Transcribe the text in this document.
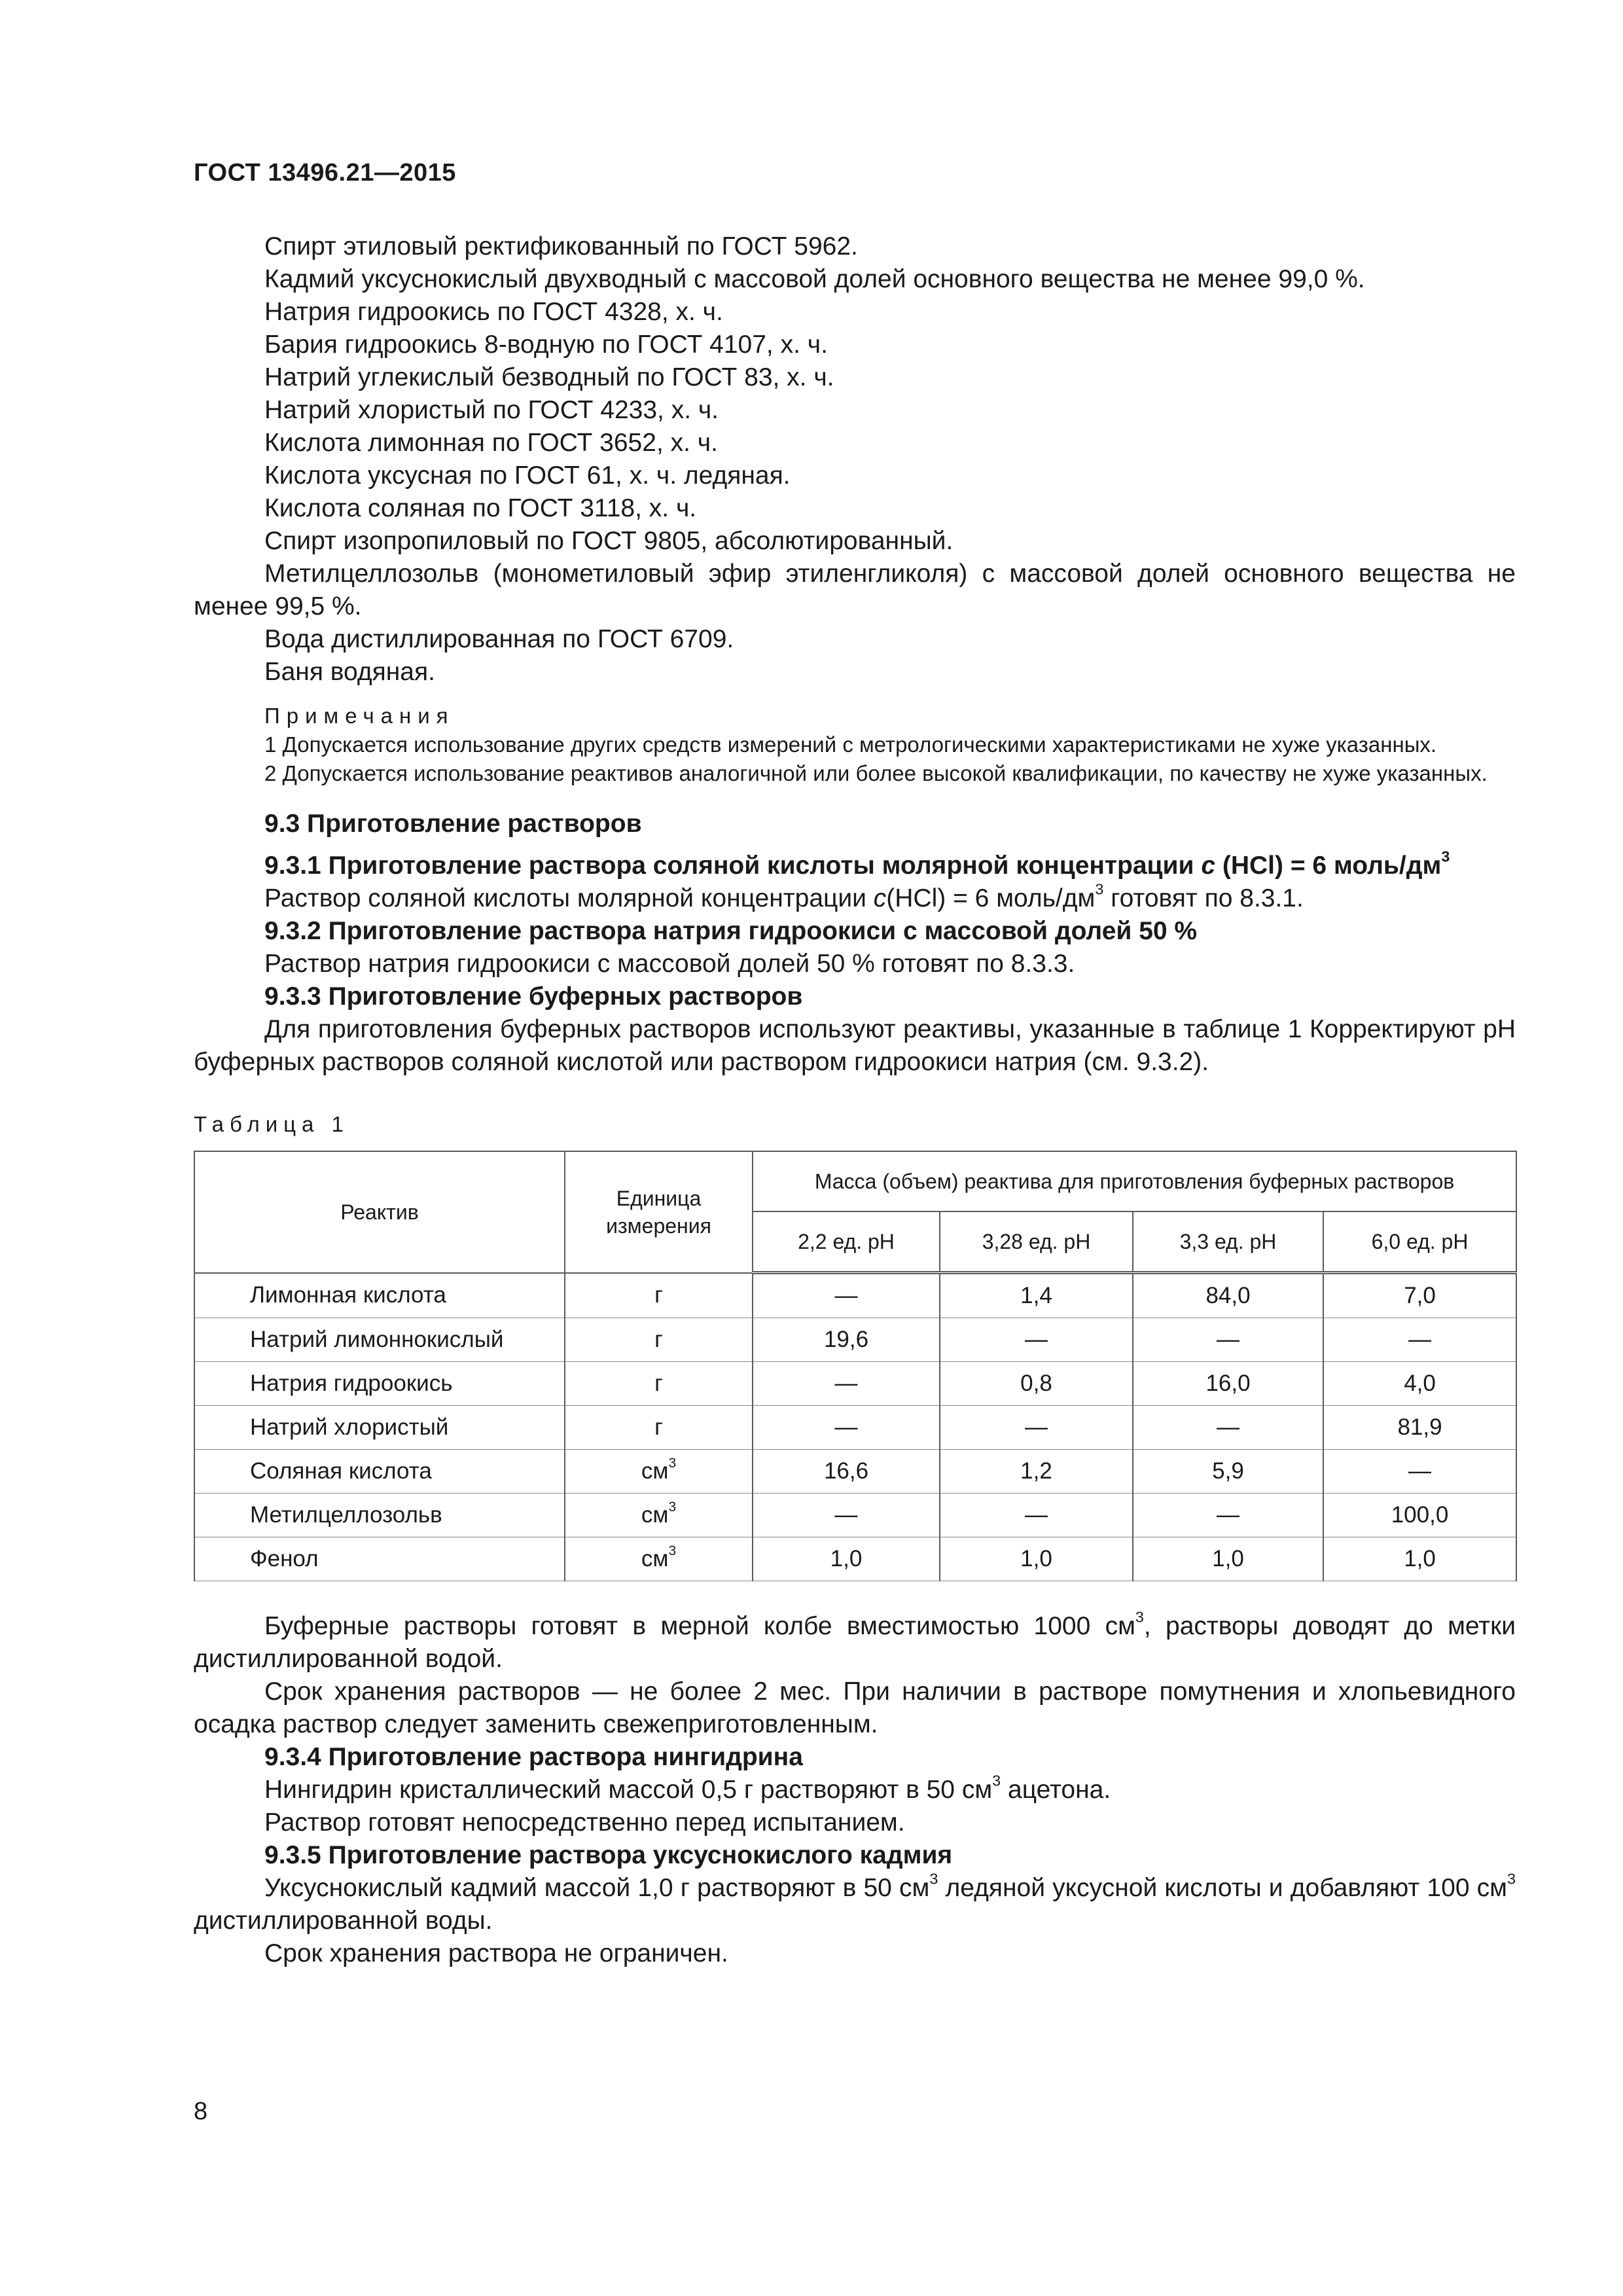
ГОСТ 13496.21—2015

Спирт этиловый ректификованный по ГОСТ 5962.

Кадмий уксуснокислый двухводный с массовой долей основного вещества не менее 99,0 %.

Натрия гидроокись по ГОСТ 4328, х. ч.

Бария гидроокись 8-водную по ГОСТ 4107, х. ч.

Натрий углекислый безводный по ГОСТ 83, х. ч.

Натрий хлористый по ГОСТ 4233, х. ч.

Кислота лимонная по ГОСТ 3652, х. ч.

Кислота уксусная по ГОСТ 61, х. ч. ледяная.

Кислота соляная по ГОСТ 3118, х. ч.

Спирт изопропиловый по ГОСТ 9805, абсолютированный.

Метилцеллозольв (монометиловый эфир этиленгликоля) с массовой долей основного вещества не менее 99,5 %.

Вода дистиллированная по ГОСТ 6709.

Баня водяная.

Примечания

1 Допускается использование других средств измерений с метрологическими характеристиками не хуже указанных.

2 Допускается использование реактивов аналогичной или более высокой квалификации, по качеству не хуже указанных.

9.3 Приготовление растворов

9.3.1 Приготовление раствора соляной кислоты молярной концентрации c (HCl) = 6 моль/$дм^3$

Раствор соляной кислоты молярной концентрации c(HCl) = 6 моль/$дм^3$ готовят по 8.3.1.

9.3.2 Приготовление раствора натрия гидроокиси с массовой долей 50 %

Раствор натрия гидроокиси с массовой долей 50 % готовят по 8.3.3.

9.3.3 Приготовление буферных растворов

Для приготовления буферных растворов используют реактивы, указанные в таблице 1 Корректируют pH буферных растворов соляной кислотой или раствором гидроокиси натрия (см. 9.3.2).

Таблица 1
Реактив	Единица измерения	Масса (объем) реактива для приготовления буферных растворов			
		2,2 ед. pH	3,28 ед. pH	3,3 ед. pH	6,0 ед. pH
Лимонная кислота	г	—	1,4	84,0	7,0
Натрий лимоннокислый	г	19,6	—	—	—
Натрия гидроокись	г	—	0,8	16,0	4,0
Натрий хлористый	г	—	—	—	81,9
Соляная кислота	$см^3$	16,6	1,2	5,9	—
Метилцеллозольв	$см^3$	—	—	—	100,0
Фенол	$см^3$	1,0	1,0	1,0	1,0

Буферные растворы готовят в мерной колбе вместимостью 1000 $см^3$, растворы доводят до метки дистиллированной водой.

Срок хранения растворов — не более 2 мес. При наличии в растворе помутнения и хлопьевидного осадка раствор следует заменить свежеприготовленным.

9.3.4 Приготовление раствора нингидрина

Нингидрин кристаллический массой 0,5 г растворяют в 50 $см^3$ ацетона.

Раствор готовят непосредственно перед испытанием.

9.3.5 Приготовление раствора уксуснокислого кадмия

Уксуснокислый кадмий массой 1,0 г растворяют в 50 $см^3$ ледяной уксусной кислоты и добавляют 100 $см^3$ дистиллированной воды.

Срок хранения раствора не ограничен.

8
